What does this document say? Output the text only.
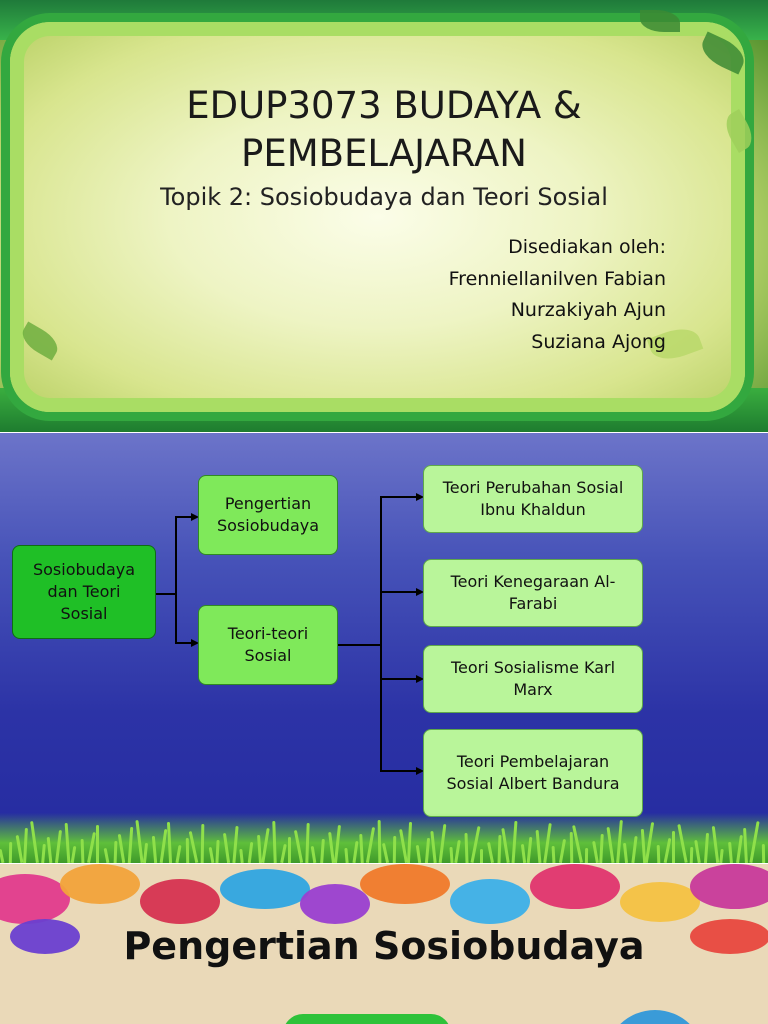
EDUP3073 BUDAYA &
PEMBELAJARAN
Topik 2: Sosiobudaya dan Teori Sosial
Disediakan oleh:
Frenniellanilven Fabian
Nurzakiyah Ajun
Suziana Ajong
Sosiobudaya dan Teori Sosial
Pengertian Sosiobudaya
Teori-teori Sosial
Teori Perubahan Sosial Ibnu Khaldun
Teori Kenegaraan Al-Farabi
Teori Sosialisme Karl Marx
Teori Pembelajaran Sosial Albert Bandura
Pengertian Sosiobudaya
